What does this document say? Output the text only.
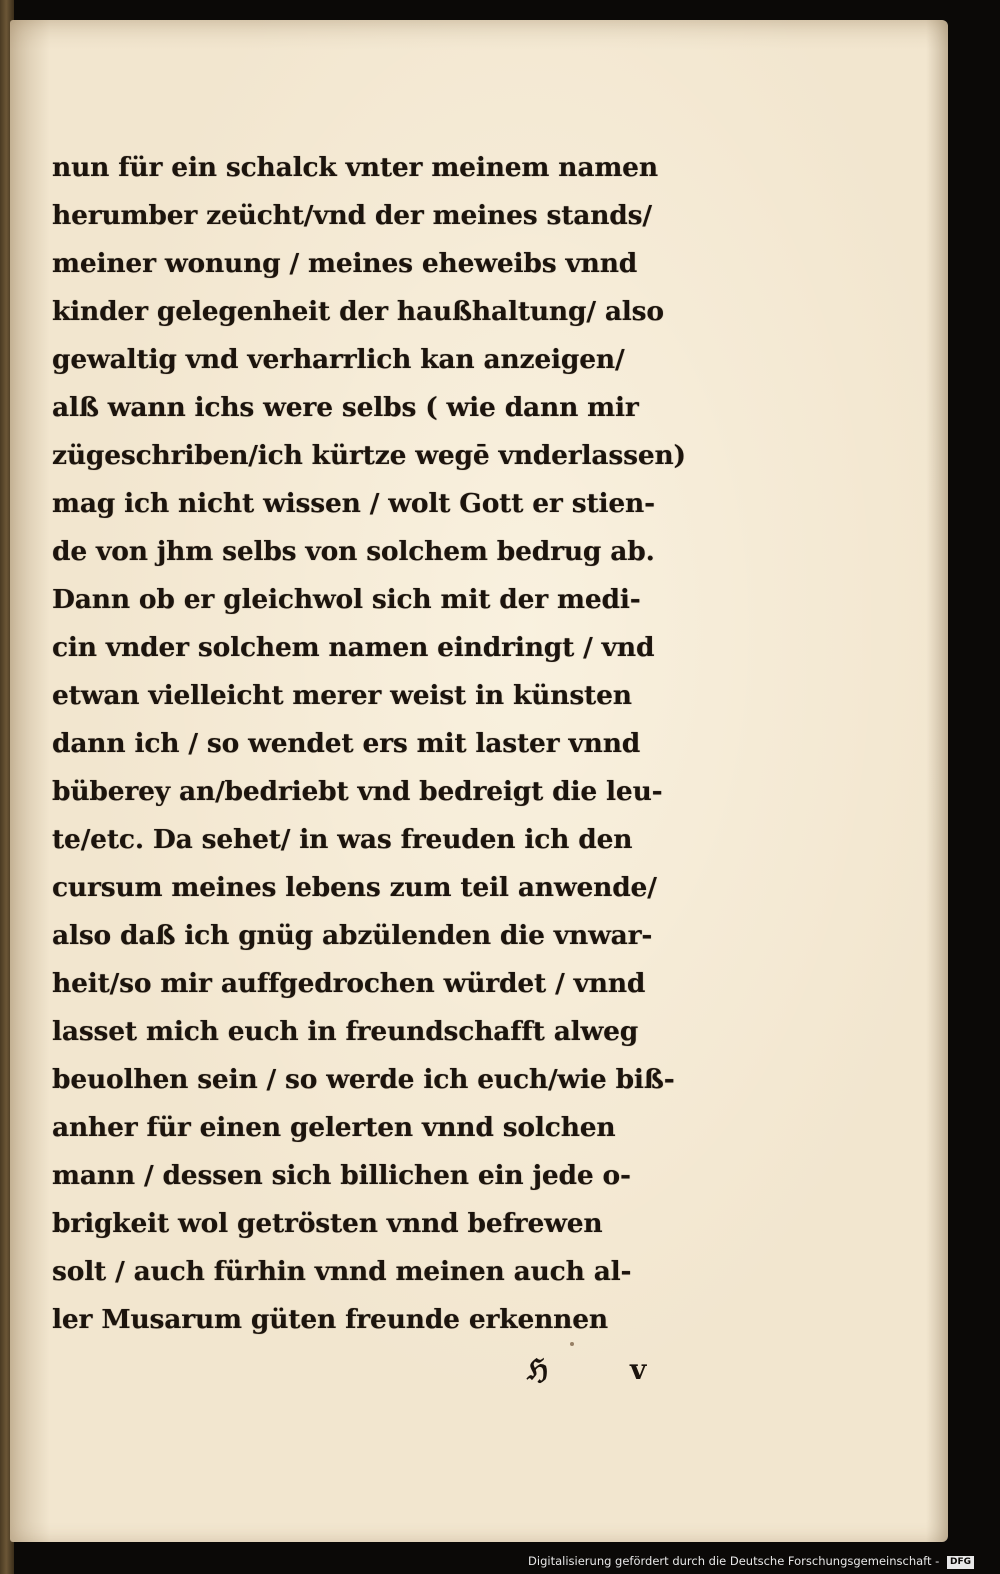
nun für ein schalck vnter meinem namen
herumber zeücht/vnd der meines stands/
meiner wonung / meines eheweibs vnnd
kinder gelegenheit der haußhaltung/ also
gewaltig vnd verharrlich kan anzeigen/
alß wann ichs were selbs ( wie dann mir
zügeschriben/ich kürtze wegē vnderlassen)
mag ich nicht wissen / wolt Gott er stien-
de von jhm selbs von solchem bedrug ab.
Dann ob er gleichwol sich mit der medi-
cin vnder solchem namen eindringt / vnd
etwan vielleicht merer weist in künsten
dann ich / so wendet ers mit laster vnnd
büberey an/bedriebt vnd bedreigt die leu-
te/etc. Da sehet/ in was freuden ich den
cursum meines lebens zum teil anwende/
also daß ich gnüg abzülenden die vnwar-
heit/so mir auffgedrochen würdet / vnnd
lasset mich euch in freundschafft alweg
beuolhen sein / so werde ich euch/wie biß-
anher für einen gelerten vnnd solchen
mann / dessen sich billichen ein jede o-
brigkeit wol getrösten vnnd befrewen
solt / auch fürhin vnnd meinen auch al-
ler Musarum güten freunde erkennen
ℌ	v
Digitalisierung gefördert durch die Deutsche Forschungsgemeinschaft - DFG
